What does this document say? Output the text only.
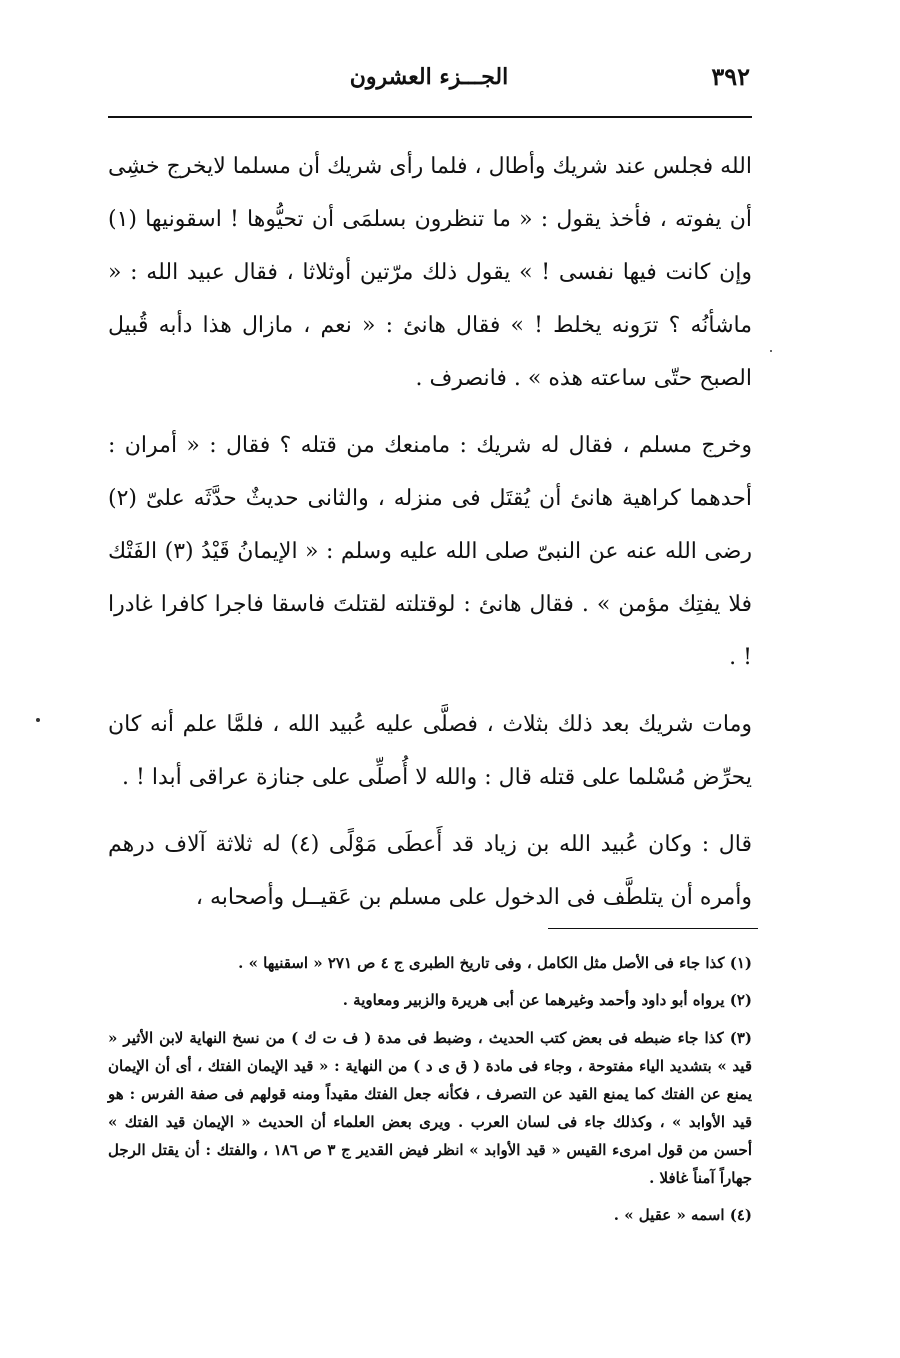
٣٩٢
الجـــزء العشرون

الله فجلس عند شريك وأطال ، فلما رأى شريك أن مسلما لايخرج خشِى أن يفوته ، فأخذ يقول : « ما تنظرون بسلمَى أن تحيُّوها ! اسقونيها (١) وإن كانت فيها نفسى ! » يقول ذلك مرّتين أوثلاثا ، فقال عبيد الله : « ماشأنُه ؟ ترَونه يخلط ! » فقال هانئ : « نعم ، مازال هذا دأبه قُبيل الصبح حتّى ساعته هذه » . فانصرف .

وخرج مسلم ، فقال له شريك : مامنعك من قتله ؟ فقال : « أمران : أحدهما كراهية هانئ أن يُقتَل فى منزله ، والثانى حديثٌ حدَّثَه علىّ (٢) رضى الله عنه عن النبىّ صلى الله عليه وسلم : « الإيمانُ قَيْدُ (٣) الفَتْك فلا يفتِك مؤمن » . فقال هانئ : لوقتلته لقتلتَ فاسقا فاجرا كافرا غادرا ! .

ومات شريك بعد ذلك بثلاث ، فصلَّى عليه عُبيد الله ، فلمَّا علم أنه كان يحرِّض مُسْلما على قتله قال : والله لا أُصلِّى على جنازة عراقى أبدا ! .

قال : وكان عُبيد الله بن زياد قد أَعطَى مَوْلًى (٤) له ثلاثة آلاف درهم وأمره أن يتلطَّف فى الدخول على مسلم بن عَقيــل وأصحابه ،

(١) كذا جاء فى الأصل مثل الكامل ، وفى تاريخ الطبرى ج ٤ ص ٢٧١ « اسقنيها » .

(٢) يرواه أبو داود وأحمد وغيرهما عن أبى هريرة والزبير ومعاوية .

(٣) كذا جاء ضبطه فى بعض كتب الحديث ، وضبط فى مدة ( ف ت ك ) من نسخ النهاية لابن الأثير « قيد » بتشديد الياء مفتوحة ، وجاء فى مادة ( ق ى د ) من النهاية : « قيد الإيمان الفتك ، أى أن الإيمان يمنع عن الفتك كما يمنع القيد عن التصرف ، فكأنه جعل الفتك مقيداً ومنه قولهم فى صفة الفرس : هو قيد الأوابد » ، وكذلك جاء فى لسان العرب . ويرى بعض العلماء أن الحديث « الإيمان قيد الفتك » أحسن من قول امرىء القيس « قيد الأوابد » انظر فيض القدير ج ٣ ص ١٨٦ ، والفتك : أن يقتل الرجل جهاراً آمناً غافلا .

(٤) اسمه « عقيل » .
